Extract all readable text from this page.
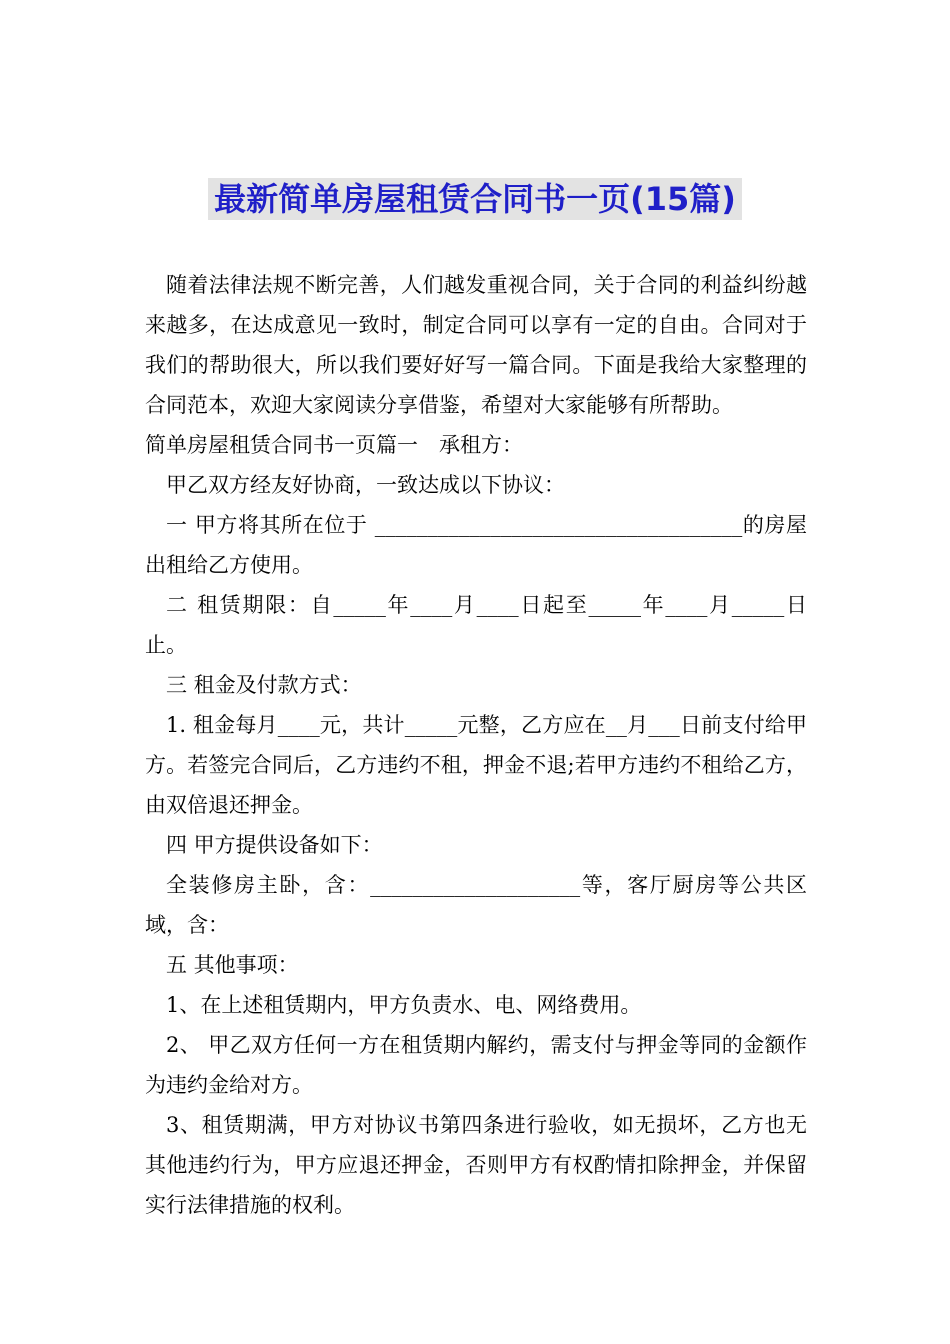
最新简单房屋租赁合同书一页(15篇)

随着法律法规不断完善，人们越发重视合同，关于合同的利益纠纷越来越多，在达成意见一致时，制定合同可以享有一定的自由。合同对于我们的帮助很大，所以我们要好好写一篇合同。下面是我给大家整理的合同范本，欢迎大家阅读分享借鉴，希望对大家能够有所帮助。

简单房屋租赁合同书一页篇一　承租方：

甲乙双方经友好协商，一致达成以下协议：

一 甲方将其所在位于 ___________________________________的房屋出租给乙方使用。

二 租赁期限：自_____年____月____日起至_____年____月_____日止。

三 租金及付款方式：

1. 租金每月____元，共计_____元整，乙方应在__月___日前支付给甲方。若签完合同后，乙方违约不租，押金不退;若甲方违约不租给乙方，由双倍退还押金。

四 甲方提供设备如下：

全装修房主卧，含：____________________等，客厅厨房等公共区域，含：

五 其他事项：

1、在上述租赁期内，甲方负责水、电、网络费用。

2、 甲乙双方任何一方在租赁期内解约，需支付与押金等同的金额作为违约金给对方。

3、租赁期满，甲方对协议书第四条进行验收，如无损坏，乙方也无其他违约行为，甲方应退还押金，否则甲方有权酌情扣除押金，并保留实行法律措施的权利。
